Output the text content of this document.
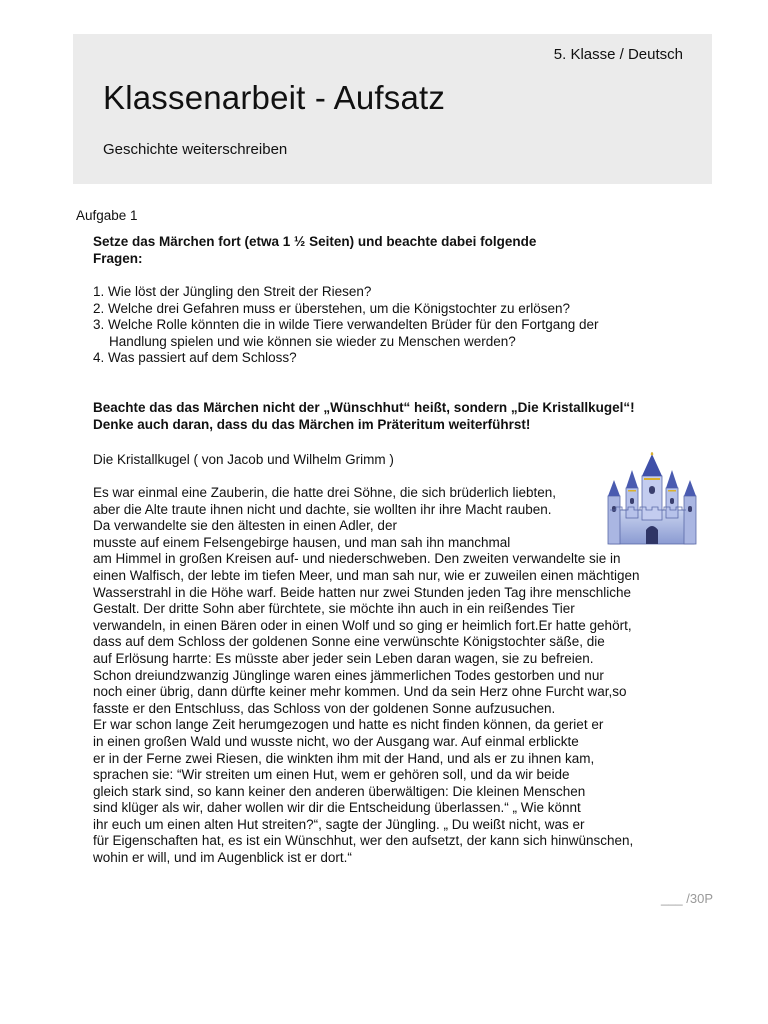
5. Klasse / Deutsch
Klassenarbeit - Aufsatz
Geschichte weiterschreiben
Aufgabe 1
Setze das Märchen fort (etwa 1 ½ Seiten) und beachte dabei folgende
Fragen:
1. Wie löst der Jüngling den Streit der Riesen?
2. Welche drei Gefahren muss er überstehen, um die Königstochter zu erlösen?
3. Welche Rolle könnten die in wilde Tiere verwandelten Brüder für den Fortgang der Handlung spielen und wie können sie wieder zu Menschen werden?
4. Was passiert auf dem Schloss?
Beachte das das Märchen nicht der „Wünschhut“ heißt, sondern „Die Kristallkugel“!
Denke auch daran, dass du das Märchen im Präteritum weiterführst!
Die Kristallkugel ( von Jacob und Wilhelm Grimm )
Es war einmal eine Zauberin, die hatte drei Söhne, die sich brüderlich liebten,
aber die Alte traute ihnen nicht und dachte, sie wollten ihr ihre Macht rauben.
Da verwandelte sie den ältesten in einen Adler, der
musste auf einem Felsengebirge hausen, und man sah ihn manchmal
am Himmel in großen Kreisen auf- und niederschweben. Den zweiten verwandelte sie in
einen Walfisch, der lebte im tiefen Meer, und man sah nur, wie er zuweilen einen mächtigen
Wasserstrahl in die Höhe warf. Beide hatten nur zwei Stunden jeden Tag ihre menschliche
Gestalt. Der dritte Sohn aber fürchtete, sie möchte ihn auch in ein reißendes Tier
verwandeln, in einen Bären oder in einen Wolf und so ging er heimlich fort.Er hatte gehört,
dass auf dem Schloss der goldenen Sonne eine verwünschte Königstochter säße, die
auf Erlösung harrte: Es müsste aber jeder sein Leben daran wagen, sie zu befreien.
Schon dreiundzwanzig Jünglinge waren eines jämmerlichen Todes gestorben und nur
noch einer übrig, dann dürfte keiner mehr kommen. Und da sein Herz ohne Furcht war,so
fasste er den Entschluss, das Schloss von der goldenen Sonne aufzusuchen.
Er war schon lange Zeit herumgezogen und hatte es nicht finden können, da geriet er
in einen großen Wald und wusste nicht, wo der Ausgang war. Auf einmal erblickte
er in der Ferne zwei Riesen, die winkten ihm mit der Hand, und als er zu ihnen kam,
sprachen sie: “Wir streiten um einen Hut, wem er gehören soll, und da wir beide
gleich stark sind, so kann keiner den anderen überwältigen: Die kleinen Menschen
sind klüger als wir, daher wollen wir dir die Entscheidung überlassen.“ „ Wie könnt
ihr euch um einen alten Hut streiten?“, sagte der Jüngling. „ Du weißt nicht, was er
für Eigenschaften hat, es ist ein Wünschhut, wer den aufsetzt, der kann sich hinwünschen,
wohin er will, und im Augenblick ist er dort.“
___ /30P
